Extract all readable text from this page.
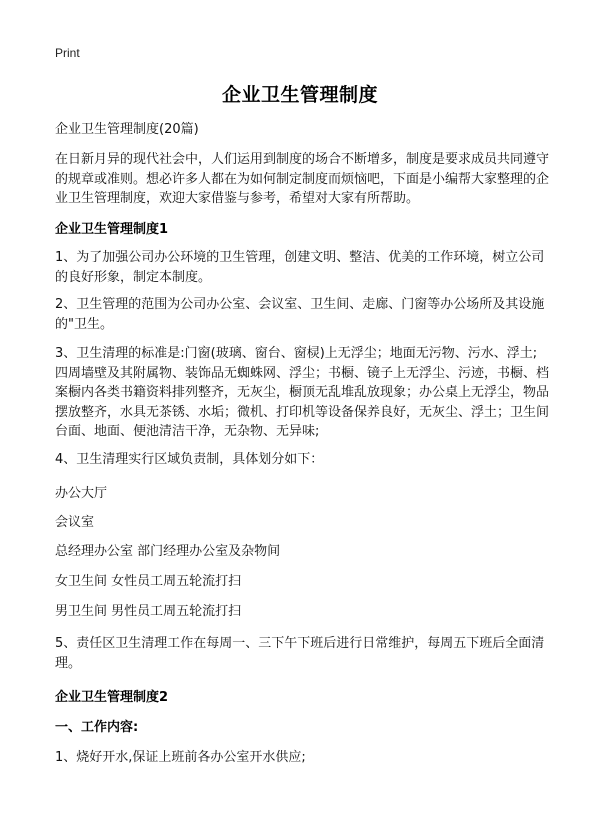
Print
企业卫生管理制度

企业卫生管理制度(20篇)

在日新月异的现代社会中，人们运用到制度的场合不断增多，制度是要求成员共同遵守的规章或准则。想必许多人都在为如何制定制度而烦恼吧，下面是小编帮大家整理的企业卫生管理制度，欢迎大家借鉴与参考，希望对大家有所帮助。

企业卫生管理制度1

1、为了加强公司办公环境的卫生管理，创建文明、整洁、优美的工作环境，树立公司的良好形象，制定本制度。

2、卫生管理的范围为公司办公室、会议室、卫生间、走廊、门窗等办公场所及其设施的"卫生。

3、卫生清理的标准是:门窗(玻璃、窗台、窗棂)上无浮尘；地面无污物、污水、浮土;四周墙壁及其附属物、装饰品无蜘蛛网、浮尘；书橱、镜子上无浮尘、污迹，书橱、档案橱内各类书籍资料排列整齐，无灰尘，橱顶无乱堆乱放现象；办公桌上无浮尘，物品摆放整齐，水具无茶锈、水垢；微机、打印机等设备保养良好，无灰尘、浮土；卫生间台面、地面、便池清洁干净，无杂物、无异味;

4、卫生清理实行区域负责制，具体划分如下：

办公大厅

会议室

总经理办公室 部门经理办公室及杂物间

女卫生间 女性员工周五轮流打扫

男卫生间 男性员工周五轮流打扫

5、责任区卫生清理工作在每周一、三下午下班后进行日常维护，每周五下班后全面清理。

企业卫生管理制度2

一、工作内容:

1、烧好开水,保证上班前各办公室开水供应;
